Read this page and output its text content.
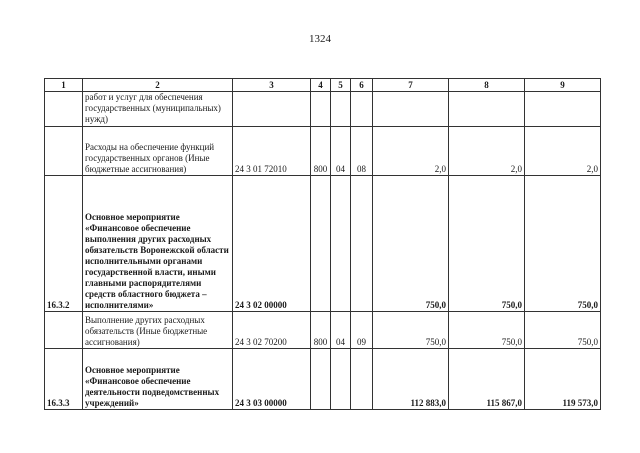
1324
1	2	3	4	5	6	7	8	9
	работ и услуг для обеспечения государственных (муниципальных) нужд)							
	Расходы на обеспечение функций государственных органов (Иные бюджетные ассигнования)	24 3 01 72010	800	04	08	2,0	2,0	2,0
16.3.2	Основное мероприятие «Финансовое обеспечение выполнения других расходных обязательств Воронежской области исполнительными органами государственной власти, иными главными распорядителями средств областного бюджета – исполнителями»	24 3 02 00000				750,0	750,0	750,0
	Выполнение других расходных обязательств (Иные бюджетные ассигнования)	24 3 02 70200	800	04	09	750,0	750,0	750,0
16.3.3	Основное мероприятие «Финансовое обеспечение деятельности подведомственных учреждений»	24 3 03 00000				112 883,0	115 867,0	119 573,0
